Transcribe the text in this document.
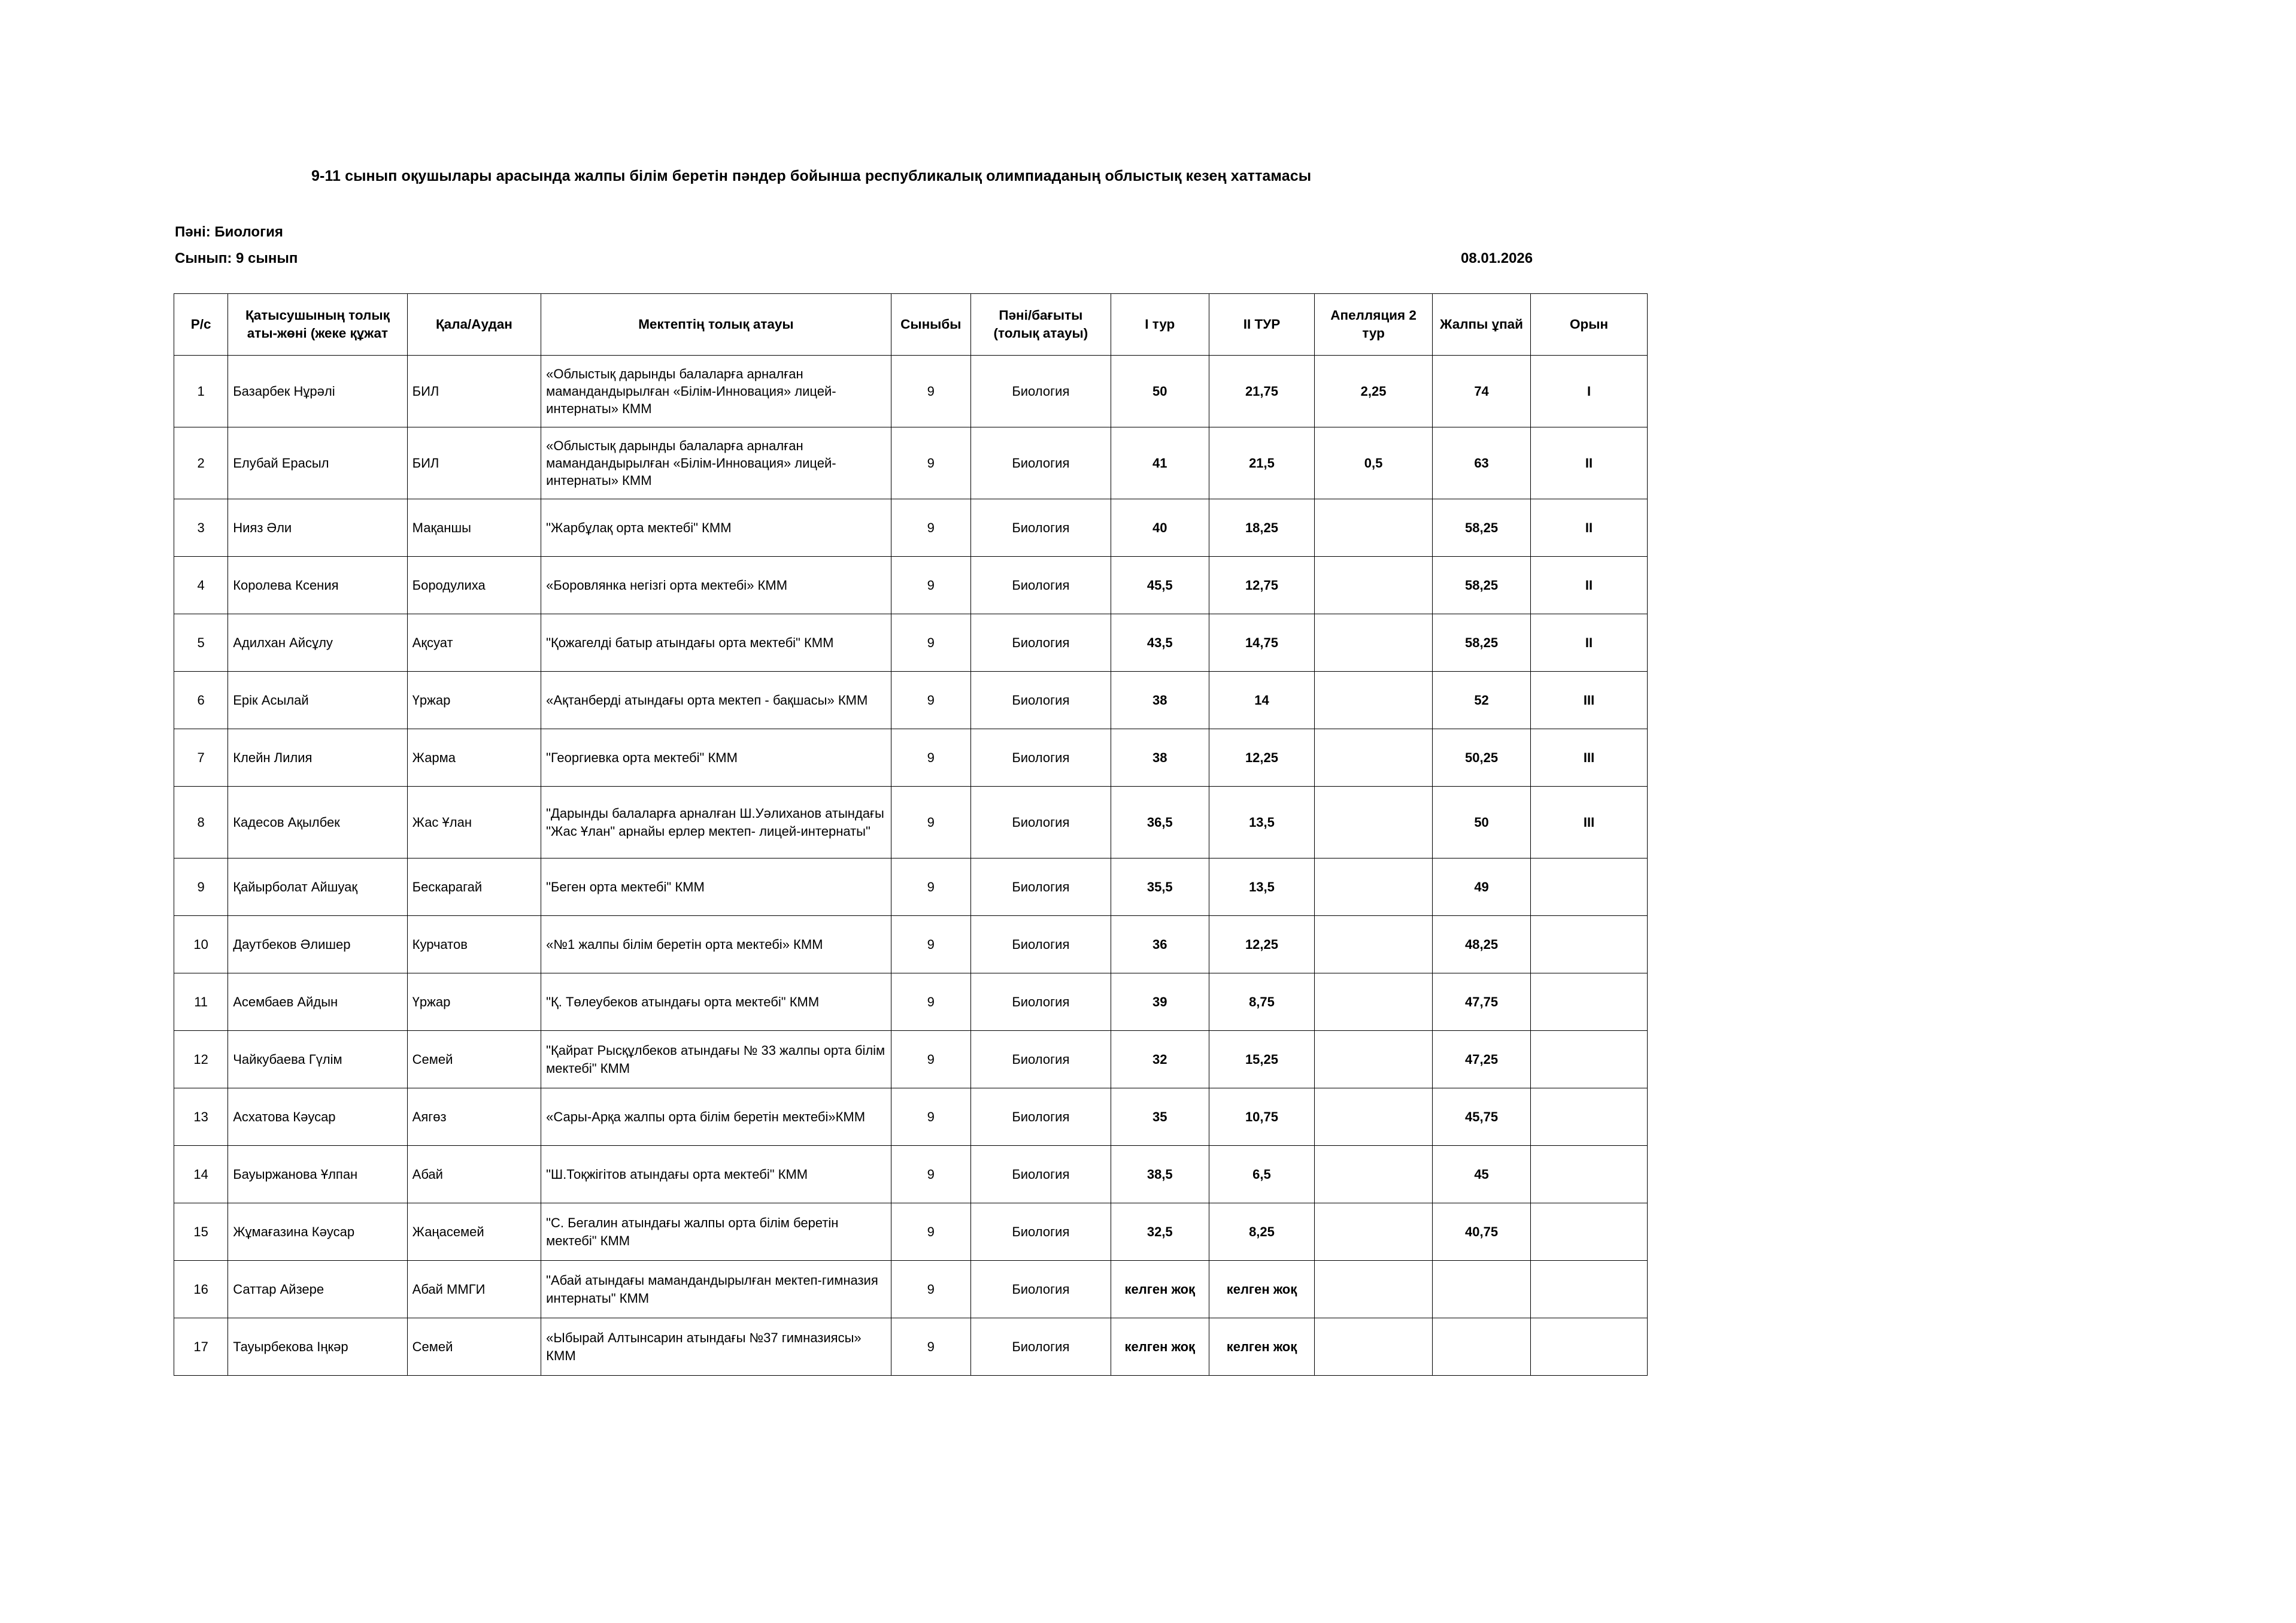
9-11 сынып оқушылары арасында жалпы білім беретін пәндер бойынша республикалық олимпиаданың облыстық кезең хаттамасы
Пәні: Биология
Сынып: 9 сынып	08.01.2026
Р/с	Қатысушының толық аты-жөні (жеке құжат	Қала/Аудан	Мектептің толық атауы	Сыныбы	Пәні/бағыты (толық атауы)	I тур	II ТУР	Апелляция 2 тур	Жалпы ұпай	Орын
1	Базарбек Нұрәлі	БИЛ	«Облыстық дарынды балаларға арналған мамандандырылған «Білім-Инновация» лицей-интернаты» КММ	9	Биология	50	21,75	2,25	74	I
2	Елубай Ерасыл	БИЛ	«Облыстық дарынды балаларға арналған мамандандырылған «Білім-Инновация» лицей-интернаты» КММ	9	Биология	41	21,5	0,5	63	II
3	Нияз Әли	Мақаншы	"Жарбұлақ орта мектебі" КММ	9	Биология	40	18,25		58,25	II
4	Королева Ксения	Бородулиха	«Боровлянка негізгі орта мектебі» КММ	9	Биология	45,5	12,75		58,25	II
5	Адилхан Айсұлу	Ақсуат	"Қожагелді батыр атындағы орта мектебі" КММ	9	Биология	43,5	14,75		58,25	II
6	Ерік Асылай	Үржар	«Ақтанберді атындағы орта мектеп - бақшасы» КММ	9	Биология	38	14		52	III
7	Клейн Лилия	Жарма	"Георгиевка орта мектебі" КММ	9	Биология	38	12,25		50,25	III
8	Кадесов Ақылбек	Жас Ұлан	"Дарынды балаларға арналған Ш.Уәлиханов атындағы "Жас Ұлан" арнайы ерлер мектеп- лицей-интернаты"	9	Биология	36,5	13,5		50	III
9	Қайырболат Айшуақ	Бескарагай	"Беген орта мектебі" КММ	9	Биология	35,5	13,5		49	
10	Даутбеков Әлишер	Курчатов	«№1 жалпы білім беретін орта мектебі» КММ	9	Биология	36	12,25		48,25	
11	Асембаев Айдын	Үржар	"Қ. Төлеубеков атындағы орта мектебі" КММ	9	Биология	39	8,75		47,75	
12	Чайкубаева Гүлім	Семей	"Қайрат Рысқұлбеков атындағы № 33 жалпы орта білім мектебі" КММ	9	Биология	32	15,25		47,25	
13	Асхатова Кәусар	Аягөз	«Сары-Арқа жалпы орта білім беретін мектебі»КММ	9	Биология	35	10,75		45,75	
14	Бауыржанова Ұлпан	Абай	"Ш.Тоқжігітов атындағы орта мектебі" КММ	9	Биология	38,5	6,5		45	
15	Жұмағазина Кәусар	Жаңасемей	"С. Бегалин атындағы жалпы орта білім беретін мектебі" КММ	9	Биология	32,5	8,25		40,75	
16	Саттар Айзере	Абай ММГИ	"Абай атындағы мамандандырылған мектеп-гимназия интернаты" КММ	9	Биология	келген жоқ	келген жоқ			
17	Тауырбекова Іңкәр	Семей	«Ыбырай Алтынсарин атындағы №37 гимназиясы» КММ	9	Биология	келген жоқ	келген жоқ			
